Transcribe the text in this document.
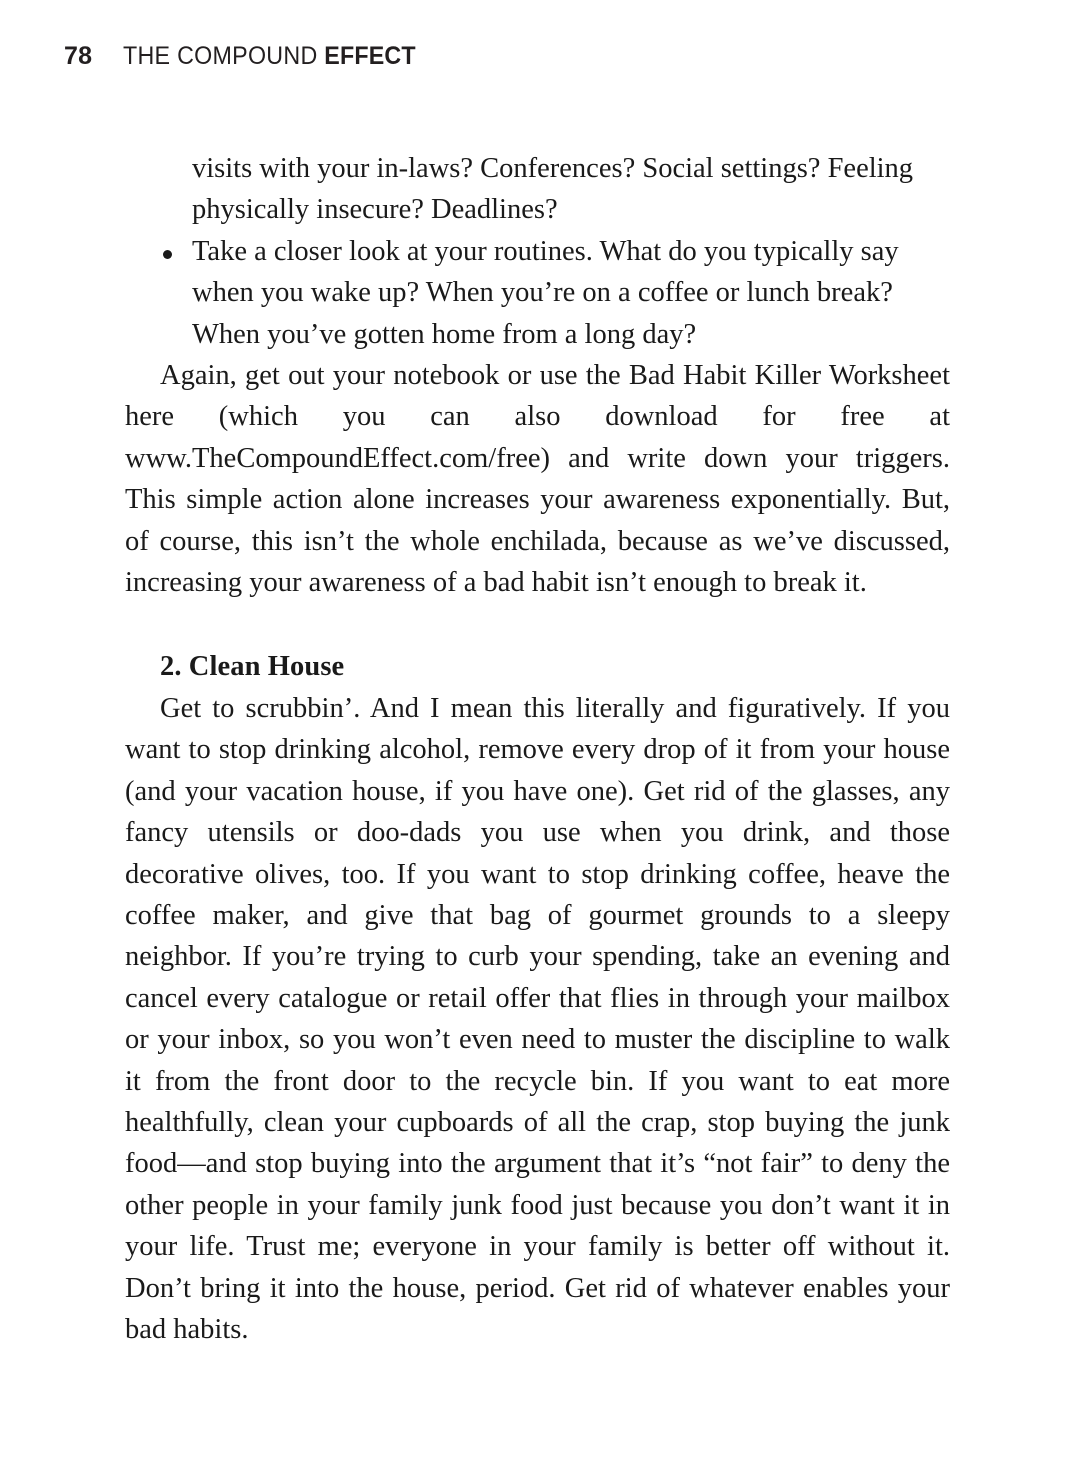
78 THE COMPOUND EFFECT
visits with your in-laws? Conferences? Social settings? Feeling physically insecure? Deadlines?
Take a closer look at your routines. What do you typically say when you wake up? When you’re on a coffee or lunch break? When you’ve gotten home from a long day?

Again, get out your notebook or use the Bad Habit Killer Worksheet here (which you can also download for free at www.TheCompoundEffect.com/free) and write down your triggers. This simple action alone increases your awareness exponentially. But, of course, this isn’t the whole enchilada, because as we’ve discussed, increasing your awareness of a bad habit isn’t enough to break it.

2. Clean House

Get to scrubbin’. And I mean this literally and figuratively. If you want to stop drinking alcohol, remove every drop of it from your house (and your vacation house, if you have one). Get rid of the glasses, any fancy utensils or doo-dads you use when you drink, and those decorative olives, too. If you want to stop drinking coffee, heave the coffee maker, and give that bag of gourmet grounds to a sleepy neighbor. If you’re trying to curb your spending, take an evening and cancel every catalogue or retail offer that flies in through your mailbox or your inbox, so you won’t even need to muster the discipline to walk it from the front door to the recycle bin. If you want to eat more healthfully, clean your cupboards of all the crap, stop buying the junk food—and stop buying into the argument that it’s “not fair” to deny the other people in your family junk food just because you don’t want it in your life. Trust me; everyone in your family is better off without it. Don’t bring it into the house, period. Get rid of whatever enables your bad habits.
